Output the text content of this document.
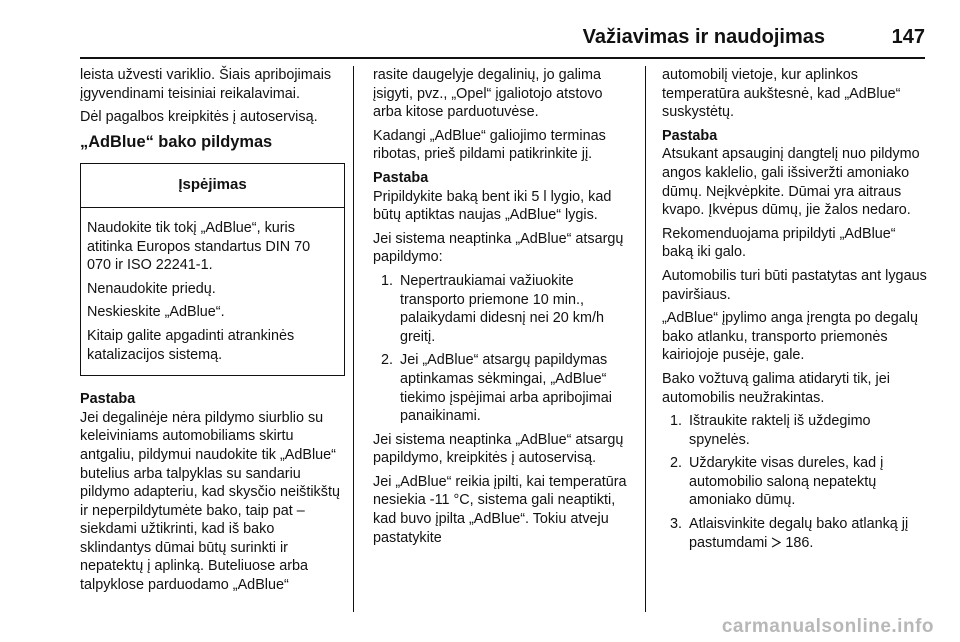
Važiavimas ir naudojimas	147

leista užvesti variklio. Šiais apribojimais įgyvendinami teisiniai reikalavimai.

Dėl pagalbos kreipkitės į autoservisą.

„AdBlue“ bako pildymas
Įspėjimas

Naudokite tik tokį „AdBlue“, kuris atitinka Europos standartus DIN 70 070 ir ISO 22241-1.

Nenaudokite priedų.

Neskieskite „AdBlue“.

Kitaip galite apgadinti atrankinės katalizacijos sistemą.

Pastaba

Jei degalinėje nėra pildymo siurblio su keleiviniams automobiliams skirtu antgaliu, pildymui naudokite tik „AdBlue“ butelius arba talpyklas su sandariu pildymo adapteriu, kad skysčio neištikštų ir neperpildytumėte bako, taip pat – siekdami užtikrinti, kad iš bako sklindantys dūmai būtų surinkti ir nepatektų į aplinką. Buteliuose arba talpyklose parduodamo „AdBlue“

rasite daugelyje degalinių, jo galima įsigyti, pvz., „Opel“ įgaliotojo atstovo arba kitose parduotuvėse.

Kadangi „AdBlue“ galiojimo terminas ribotas, prieš pildami patikrinkite jį.

Pastaba

Pripildykite baką bent iki 5 l lygio, kad būtų aptiktas naujas „AdBlue“ lygis.

Jei sistema neaptinka „AdBlue“ atsargų papildymo:

1. Nepertraukiamai važiuokite transporto priemone 10 min., palaikydami didesnį nei 20 km/h greitį.
2. Jei „AdBlue“ atsargų papildymas aptinkamas sėkmingai, „AdBlue“ tiekimo įspėjimai arba apribojimai panaikinami.

Jei sistema neaptinka „AdBlue“ atsargų papildymo, kreipkitės į autoservisą.

Jei „AdBlue“ reikia įpilti, kai temperatūra nesiekia -11 °C, sistema gali neaptikti, kad buvo įpilta „AdBlue“. Tokiu atveju pastatykite

automobilį vietoje, kur aplinkos temperatūra aukštesnė, kad „AdBlue“ suskystėtų.

Pastaba

Atsukant apsauginį dangtelį nuo pildymo angos kaklelio, gali išsiveržti amoniako dūmų. Neįkvėpkite. Dūmai yra aitraus kvapo. Įkvėpus dūmų, jie žalos nedaro.

Rekomenduojama pripildyti „AdBlue“ baką iki galo.

Automobilis turi būti pastatytas ant lygaus paviršiaus.

„AdBlue“ įpylimo anga įrengta po degalų bako atlanku, transporto priemonės kairiojoje pusėje, gale.

Bako vožtuvą galima atidaryti tik, jei automobilis neužrakintas.

1. Ištraukite raktelį iš uždegimo spynelės.
2. Uždarykite visas dureles, kad į automobilio saloną nepatektų amoniako dūmų.
3. Atlaisvinkite degalų bako atlanką jį pastumdami 186.
carmanualsonline.info
